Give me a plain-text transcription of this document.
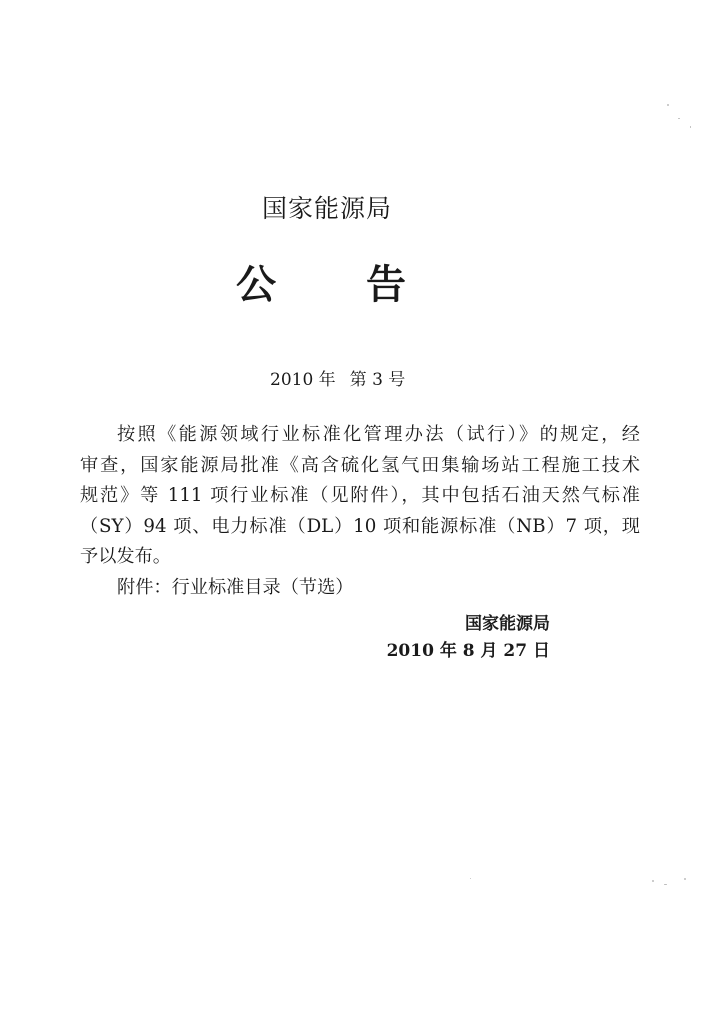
国家能源局
公 告
2010 年 第 3 号

按照《能源领域行业标准化管理办法（试行）》的规定，经
审查，国家能源局批准《高含硫化氢气田集输场站工程施工技术
规范》等 111 项行业标准（见附件），其中包括石油天然气标准
（SY）94 项、电力标准（DL）10 项和能源标准（NB）7 项，现
予以发布。

附件：行业标准目录（节选）
国家能源局
2010 年 8 月 27 日
